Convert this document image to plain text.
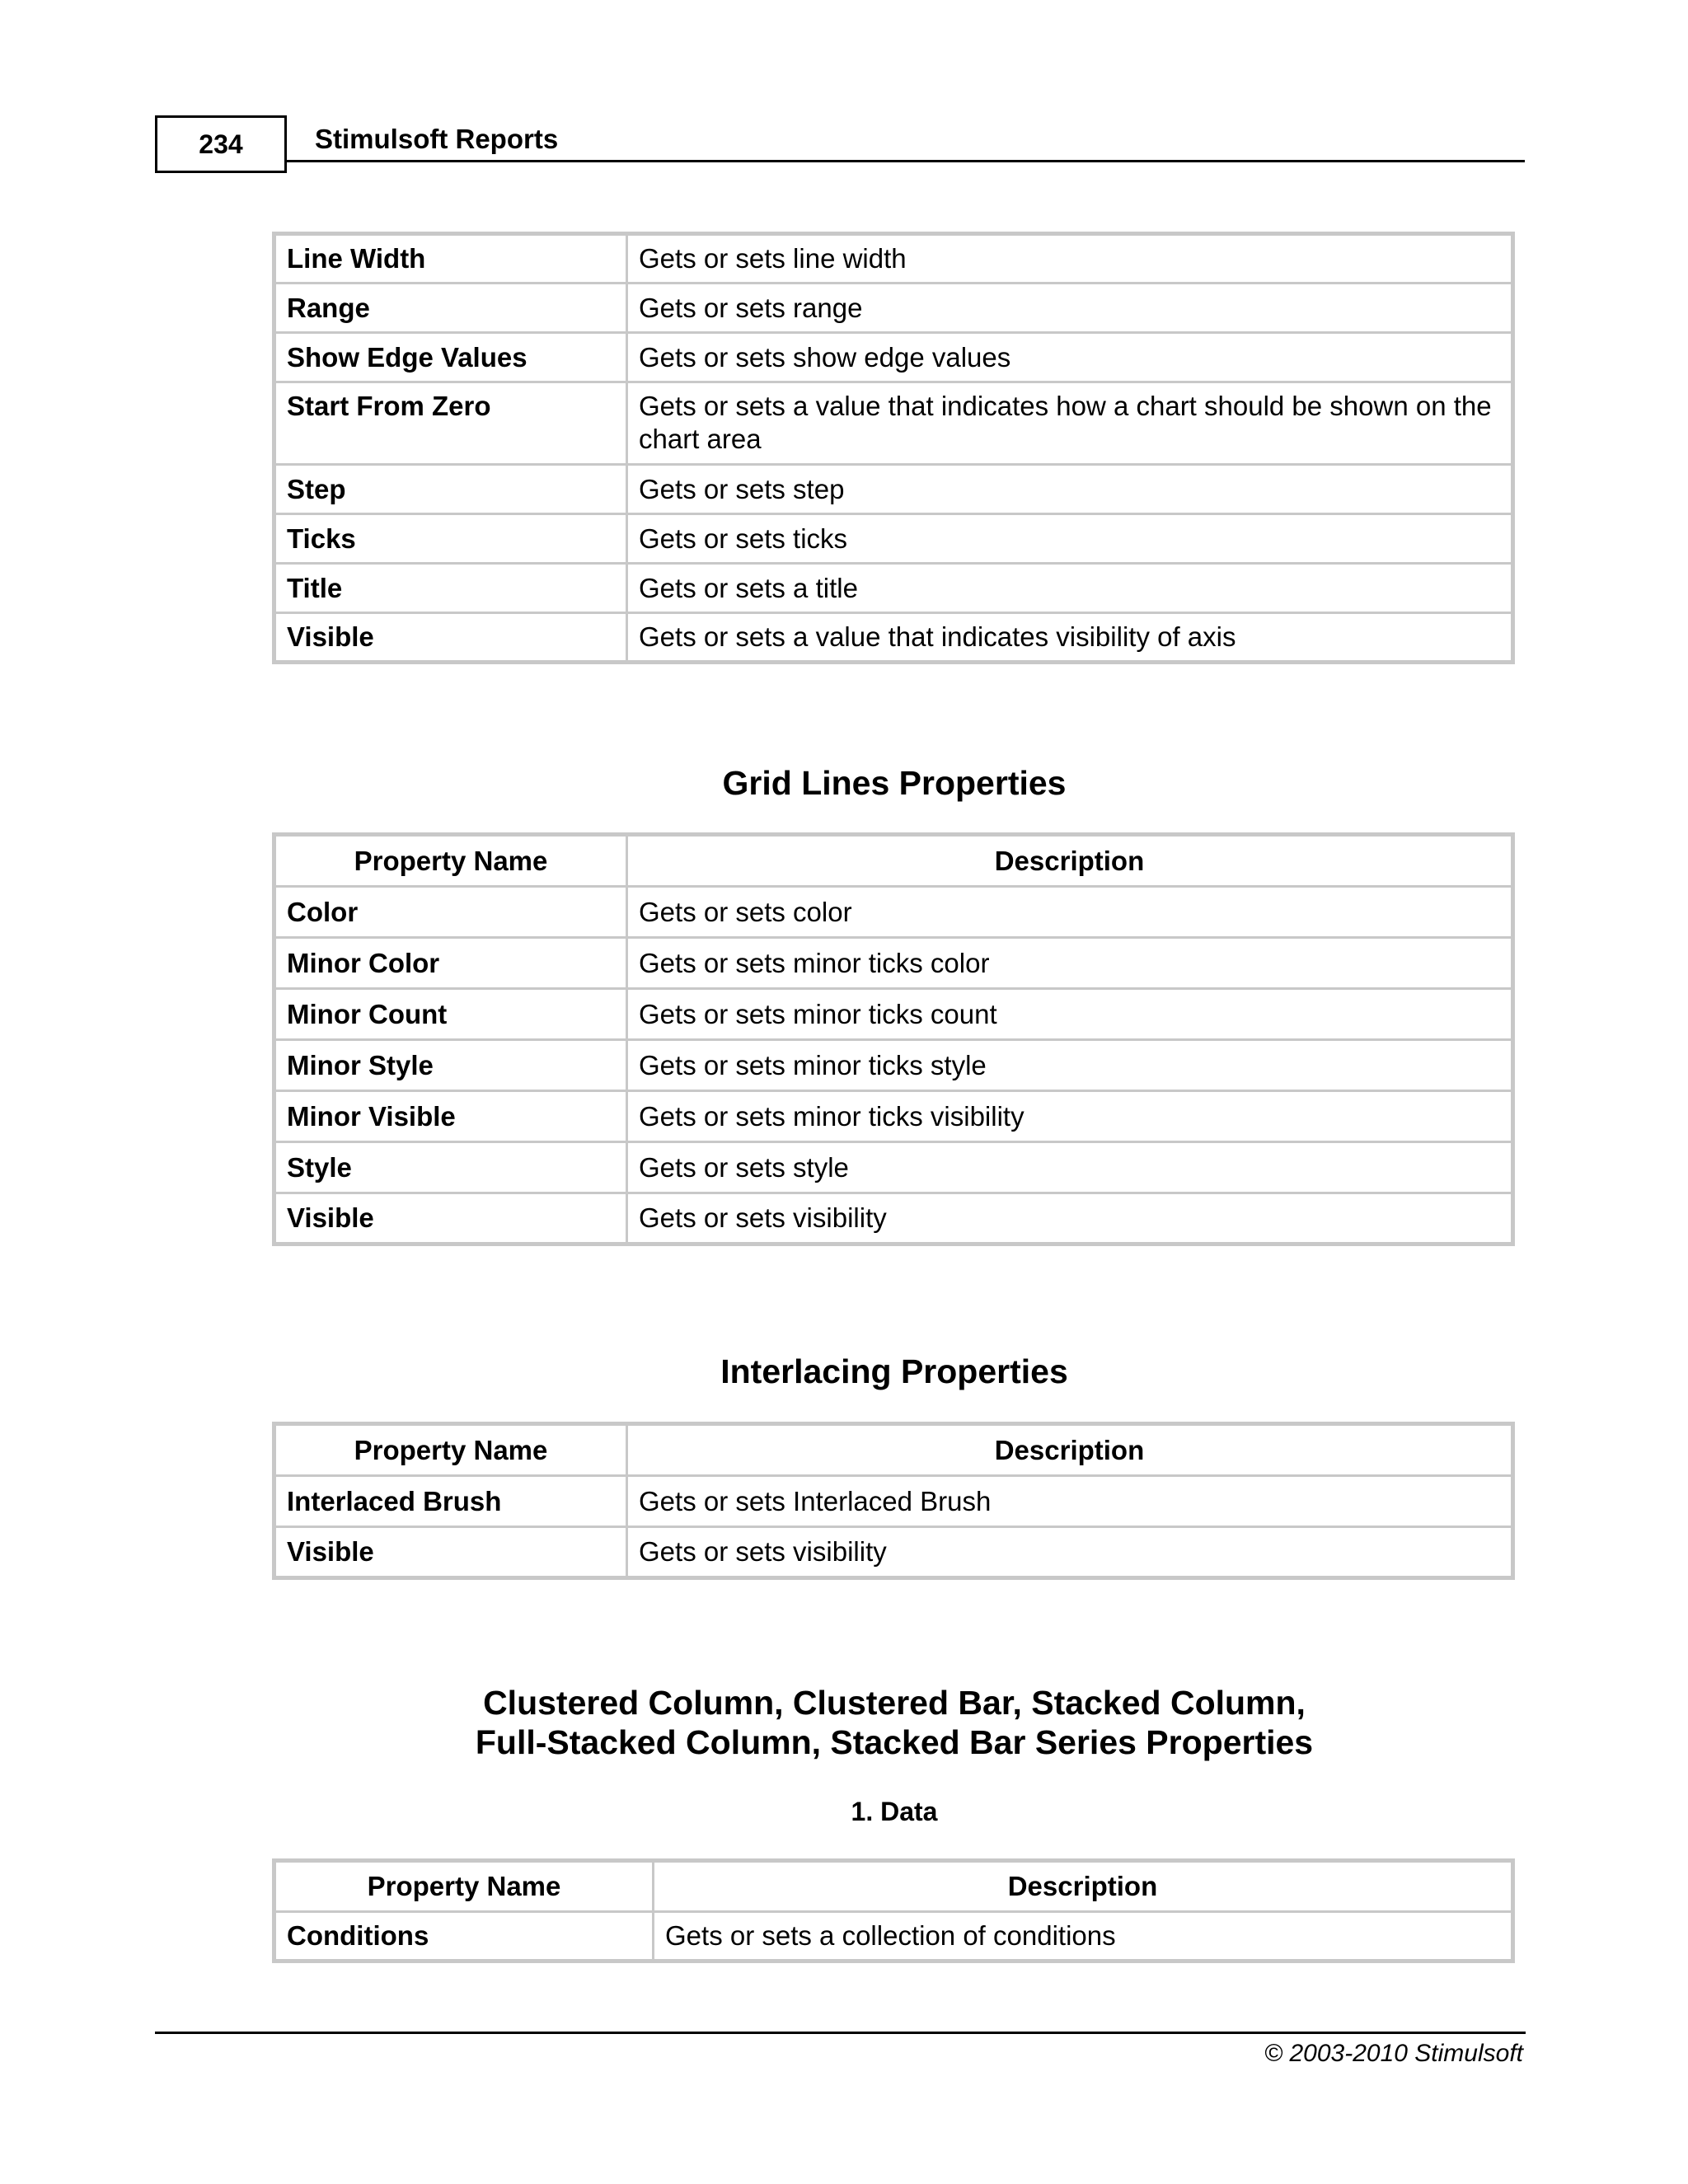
234	Stimulsoft Reports
Line Width	Gets or sets line width
Range	Gets or sets range
Show Edge Values	Gets or sets show edge values
Start From Zero	Gets or sets a value that indicates how a chart should be shown on the chart area
Step	Gets or sets step
Ticks	Gets or sets ticks
Title	Gets or sets a title
Visible	Gets or sets a value that indicates visibility of axis
Grid Lines Properties
Property Name	Description
Color	Gets or sets color
Minor Color	Gets or sets minor ticks color
Minor Count	Gets or sets minor ticks count
Minor Style	Gets or sets minor ticks style
Minor Visible	Gets or sets minor ticks visibility
Style	Gets or sets style
Visible	Gets or sets visibility
Interlacing Properties
Property Name	Description
Interlaced Brush	Gets or sets Interlaced Brush
Visible	Gets or sets visibility
Clustered Column, Clustered Bar, Stacked Column,
Full-Stacked Column, Stacked Bar Series Properties
1. Data
Property Name	Description
Conditions	Gets or sets a collection of conditions
© 2003-2010 Stimulsoft
